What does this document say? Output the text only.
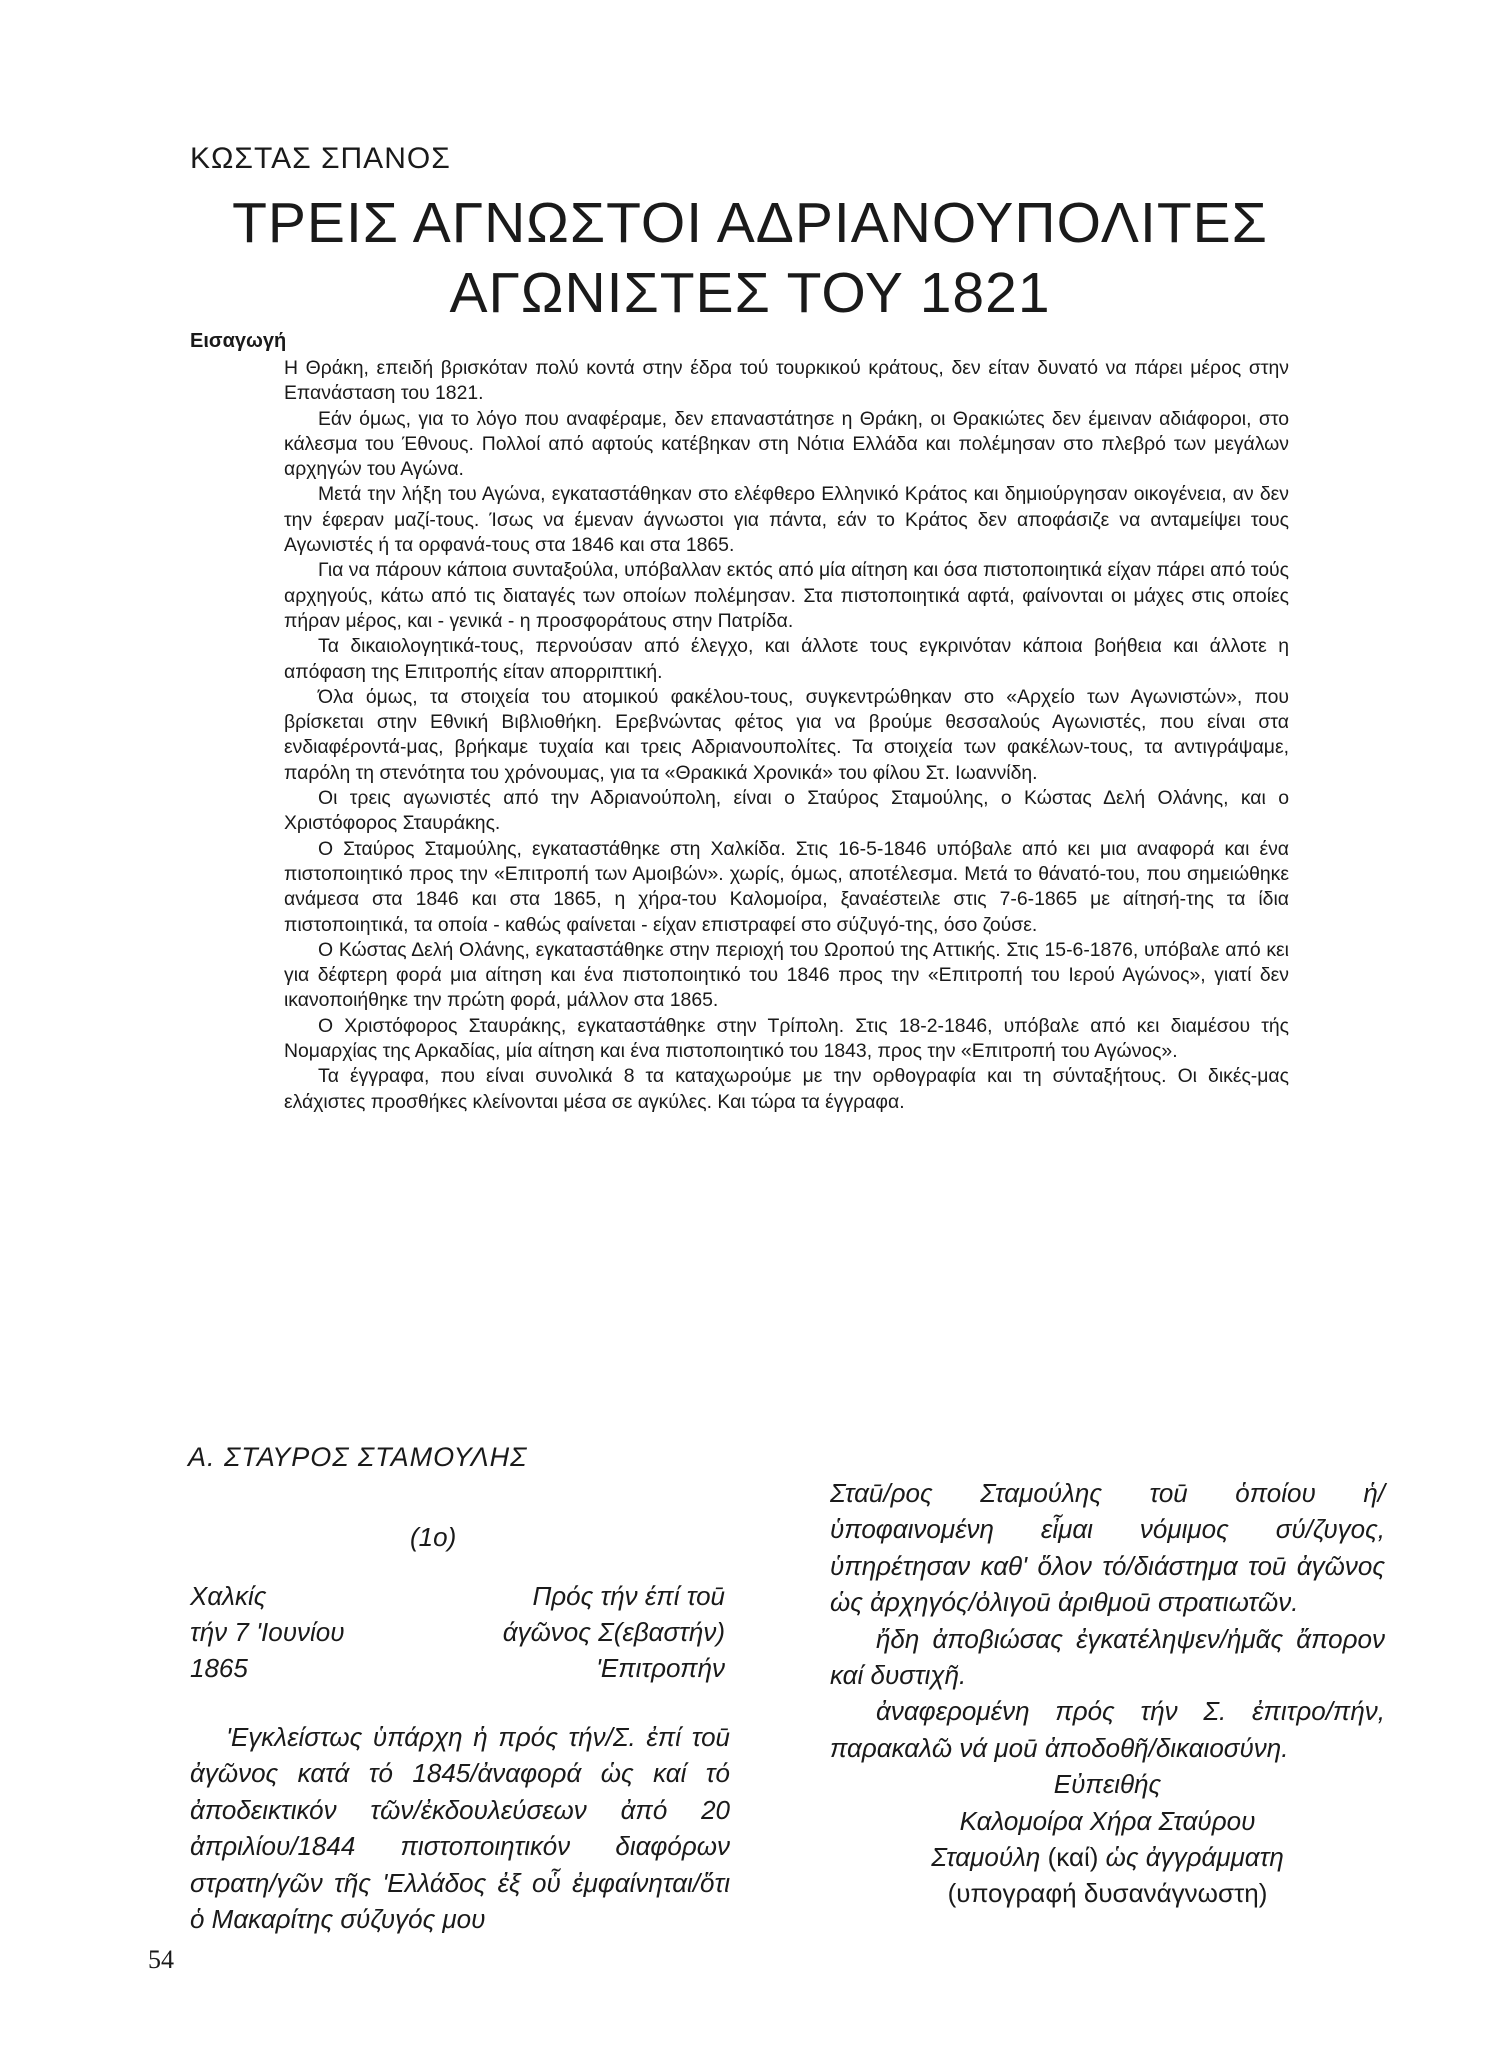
ΚΩΣΤΑΣ ΣΠΑΝΟΣ
ΤΡΕΙΣ ΑΓΝΩΣΤΟΙ ΑΔΡΙΑΝΟΥΠΟΛΙΤΕΣ
ΑΓΩΝΙΣΤΕΣ ΤΟΥ 1821
Εισαγωγή

Η Θράκη, επειδή βρισκόταν πολύ κοντά στην έδρα τού τουρκικού κράτους, δεν είταν δυνατό να πάρει μέρος στην Επανάσταση του 1821.

Εάν όμως, για το λόγο που αναφέραμε, δεν επαναστάτησε η Θράκη, οι Θρακιώτες δεν έμειναν αδιάφοροι, στο κάλεσμα του Έθνους. Πολλοί από αφτούς κατέβηκαν στη Νότια Ελλάδα και πολέμησαν στο πλεβρό των μεγάλων αρχηγών του Αγώνα.

Μετά την λήξη του Αγώνα, εγκαταστάθηκαν στο ελέφθερο Ελληνικό Κράτος και δημιούργησαν οικογένεια, αν δεν την έφεραν μαζί-τους. Ίσως να έμεναν άγνωστοι για πάντα, εάν το Κράτος δεν αποφάσιζε να ανταμείψει τους Αγωνιστές ή τα ορφανά-τους στα 1846 και στα 1865.

Για να πάρουν κάποια συνταξούλα, υπόβαλλαν εκτός από μία αίτηση και όσα πιστοποιητικά είχαν πάρει από τούς αρχηγούς, κάτω από τις διαταγές των οποίων πολέμησαν. Στα πιστοποιητικά αφτά, φαίνονται οι μάχες στις οποίες πήραν μέρος, και - γενικά - η προσφοράτους στην Πατρίδα.

Τα δικαιολογητικά-τους, περνούσαν από έλεγχο, και άλλοτε τους εγκρινόταν κάποια βοήθεια και άλλοτε η απόφαση της Επιτροπής είταν απορριπτική.

Όλα όμως, τα στοιχεία του ατομικού φακέλου-τους, συγκεντρώθηκαν στο «Αρχείο των Αγωνιστών», που βρίσκεται στην Εθνική Βιβλιοθήκη. Ερεβνώντας φέτος για να βρούμε θεσσαλούς Αγωνιστές, που είναι στα ενδιαφέροντά-μας, βρήκαμε τυχαία και τρεις Αδριανουπολίτες. Τα στοιχεία των φακέλων-τους, τα αντιγράψαμε, παρόλη τη στενότητα του χρόνουμας, για τα «Θρακικά Χρονικά» του φίλου Στ. Ιωαννίδη.

Οι τρεις αγωνιστές από την Αδριανούπολη, είναι ο Σταύρος Σταμούλης, ο Κώστας Δελή Ολάνης, και ο Χριστόφορος Σταυράκης.

Ο Σταύρος Σταμούλης, εγκαταστάθηκε στη Χαλκίδα. Στις 16-5-1846 υπόβαλε από κει μια αναφορά και ένα πιστοποιητικό προς την «Επιτροπή των Αμοιβών». χωρίς, όμως, αποτέλεσμα. Μετά το θάνατό-του, που σημειώθηκε ανάμεσα στα 1846 και στα 1865, η χήρα-του Καλομοίρα, ξαναέστειλε στις 7-6-1865 με αίτησή-της τα ίδια πιστοποιητικά, τα οποία - καθώς φαίνεται - είχαν επιστραφεί στο σύζυγό-της, όσο ζούσε.

Ο Κώστας Δελή Ολάνης, εγκαταστάθηκε στην περιοχή του Ωροπού της Αττικής. Στις 15-6-1876, υπόβαλε από κει για δέφτερη φορά μια αίτηση και ένα πιστοποιητικό του 1846 προς την «Επιτροπή του Ιερού Αγώνος», γιατί δεν ικανοποιήθηκε την πρώτη φορά, μάλλον στα 1865.

Ο Χριστόφορος Σταυράκης, εγκαταστάθηκε στην Τρίπολη. Στις 18-2-1846, υπόβαλε από κει διαμέσου τής Νομαρχίας της Αρκαδίας, μία αίτηση και ένα πιστοποιητικό του 1843, προς την «Επιτροπή του Αγώνος».

Τα έγγραφα, που είναι συνολικά 8 τα καταχωρούμε με την ορθογραφία και τη σύνταξήτους. Οι δικές-μας ελάχιστες προσθήκες κλείνονται μέσα σε αγκύλες. Και τώρα τα έγγραφα.

Α. ΣΤΑΥΡΟΣ ΣΤΑΜΟΥΛΗΣ
(1ο)
Χαλκίς
τήν 7 'Ιουνίου
1865
Πρός τήν έπί τοū
άγῶνος Σ(εβαστήν)
'Επιτροπήν

'Εγκλείστως ὑπάρχη ἡ πρός τήν/Σ. ἐπί τοū ἀγῶνος κατά τό 1845/ἀναφορά ὡς καί τό ἀποδεικτικόν τῶν/ἐκδουλεύσεων ἀπό 20 ἀπριλίου/1844 πιστοποιητικόν διαφόρων στρατη/γῶν τῆς 'Ελλάδος ἐξ οὗ ἐμφαίνηται/ὅτι ὁ Μακαρίτης σύζυγός μου

Σταū/ρος Σταμούλης τοū ὁποίου ἡ/ ὑποφαινομένη εἶμαι νόμιμος σύ/ζυγος, ὑπηρέτησαν καθ' ὅλον τό/διάστημα τοū ἀγῶνος ὡς ἀρχηγός/ὀλιγοū ἀριθμοū στρατιωτῶν.

ἤδη ἀποβιώσας ἐγκατέληψεν/ἡμᾶς ἄπορον καί δυστιχῆ.

ἀναφερομένη πρός τήν Σ. ἐπιτρο/πήν, παρακαλῶ νά μοū ἀποδοθῆ/δικαιοσύνη.

Εὐπειθής
Καλομοίρα Χήρα Σταύρου
Σταμούλη (καί) ὡς ἀγγράμματη
(υπογραφή δυσανάγνωστη)
54
